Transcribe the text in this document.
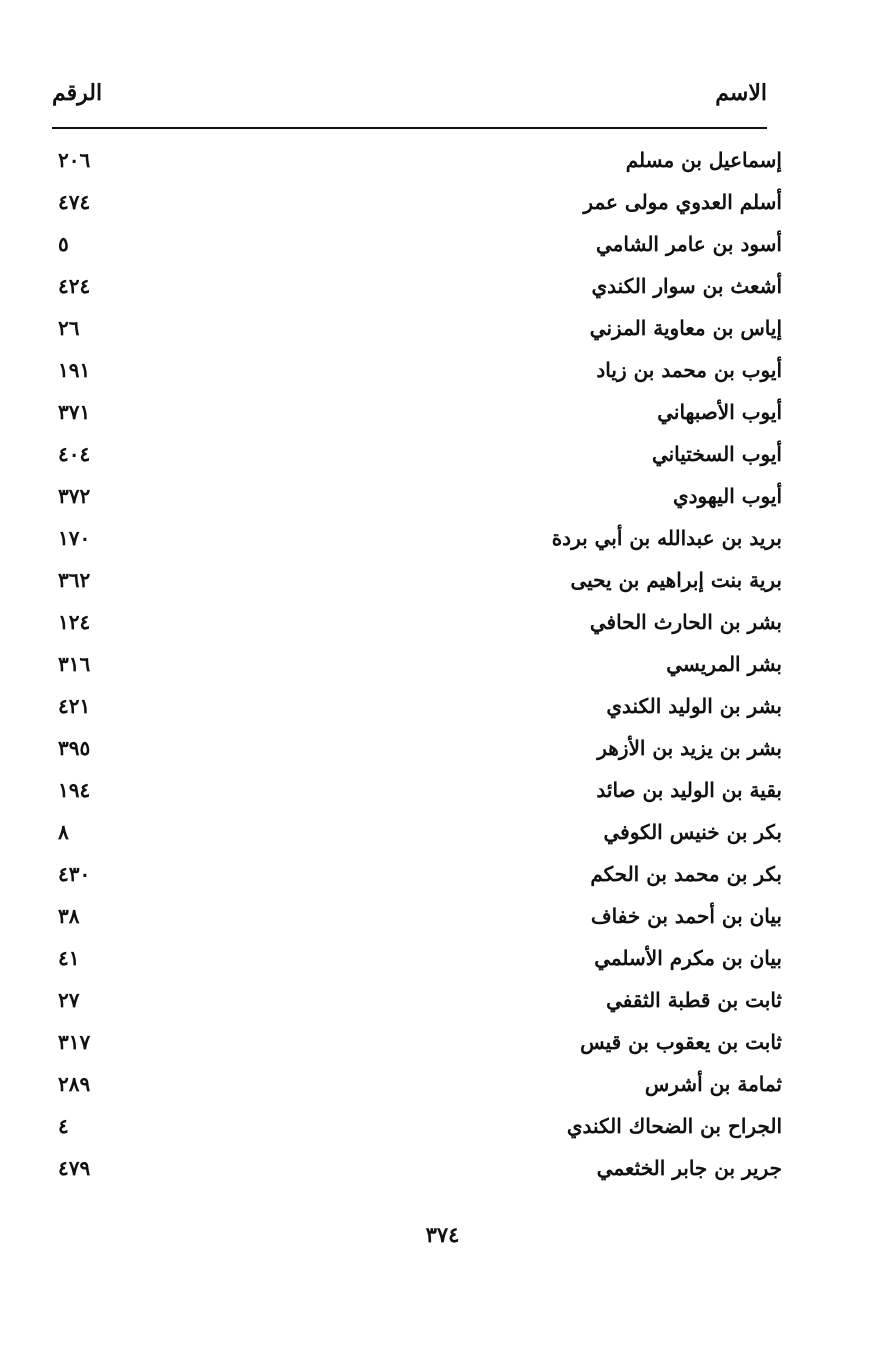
الاسم
الرقم
إسماعيل بن مسلم
٢٠٦
أسلم العدوي مولى عمر
٤٧٤
أسود بن عامر الشامي
٥
أشعث بن سوار الكندي
٤٢٤
إياس بن معاوية المزني
٢٦
أيوب بن محمد بن زياد
١٩١
أيوب الأصبهاني
٣٧١
أيوب السختياني
٤٠٤
أيوب اليهودي
٣٧٢
بريد بن عبدالله بن أبي بردة
١٧٠
برية بنت إبراهيم بن يحيى
٣٦٢
بشر بن الحارث الحافي
١٢٤
بشر المريسي
٣١٦
بشر بن الوليد الكندي
٤٢١
بشر بن يزيد بن الأزهر
٣٩٥
بقية بن الوليد بن صائد
١٩٤
بكر بن خنيس الكوفي
٨
بكر بن محمد بن الحكم
٤٣٠
بيان بن أحمد بن خفاف
٣٨
بيان بن مكرم الأسلمي
٤١
ثابت بن قطبة الثقفي
٢٧
ثابت بن يعقوب بن قيس
٣١٧
ثمامة بن أشرس
٢٨٩
الجراح بن الضحاك الكندي
٤
جرير بن جابر الخثعمي
٤٧٩
٣٧٤
